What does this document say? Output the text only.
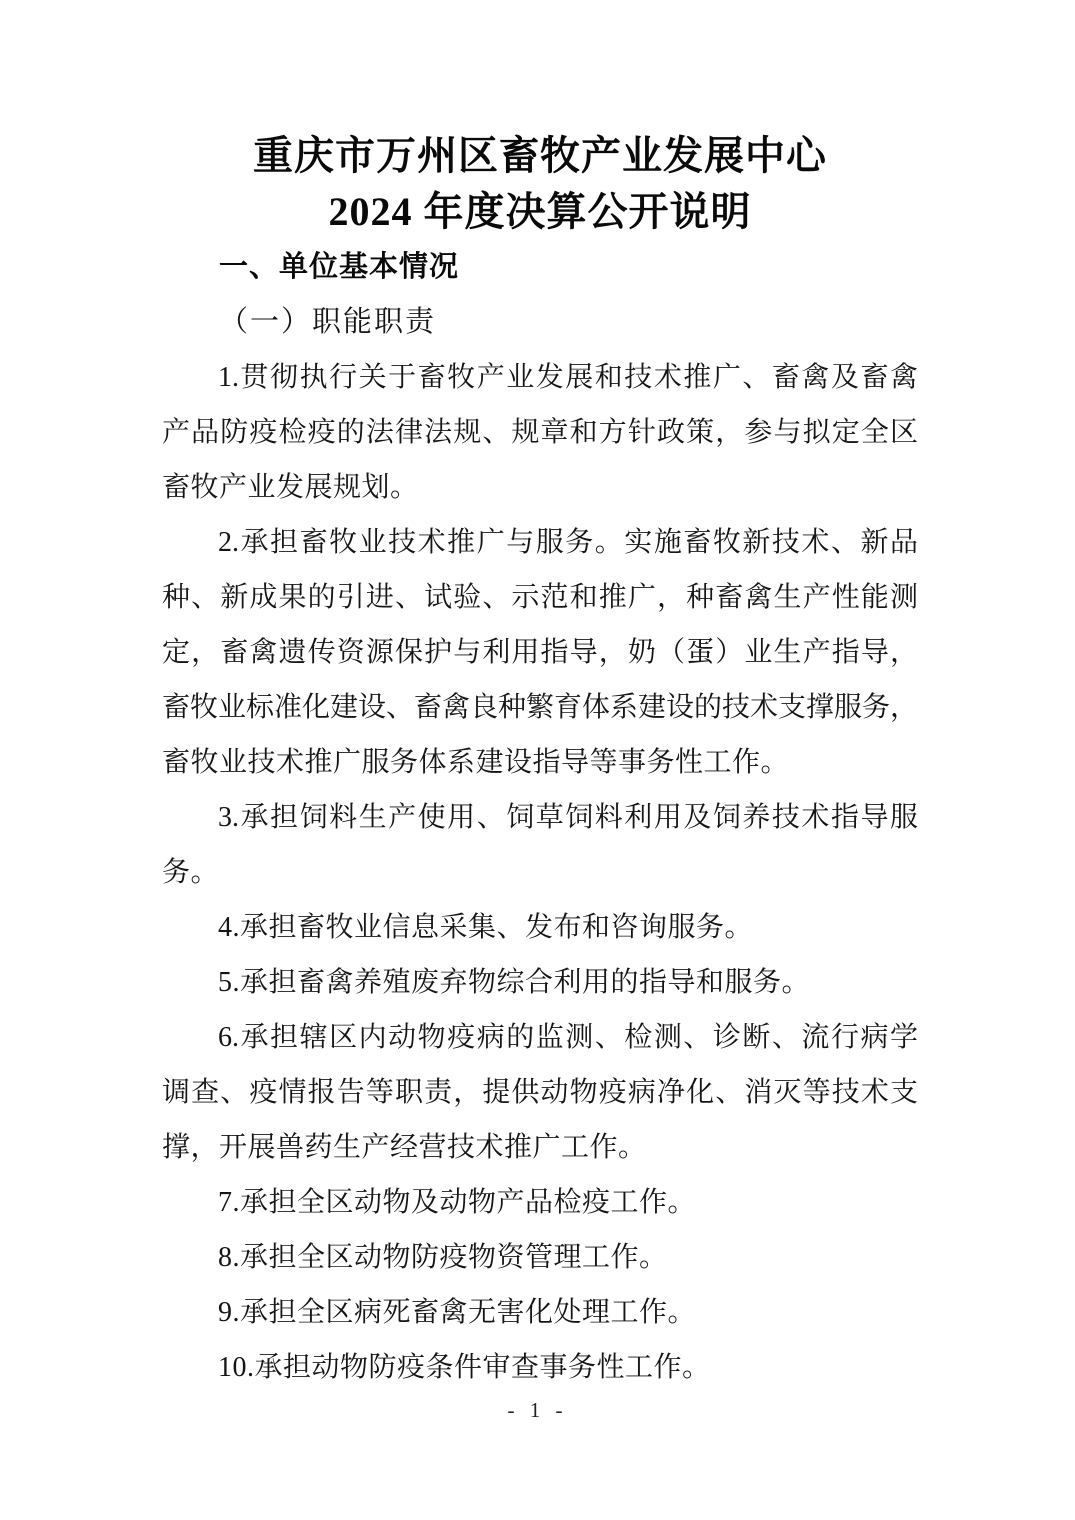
重庆市万州区畜牧产业发展中心
2024 年度决算公开说明
一、单位基本情况
（一）职能职责
1.贯彻执行关于畜牧产业发展和技术推广、畜禽及畜禽
产品防疫检疫的法律法规、规章和方针政策，参与拟定全区
畜牧产业发展规划。
2.承担畜牧业技术推广与服务。实施畜牧新技术、新品
种、新成果的引进、试验、示范和推广，种畜禽生产性能测
定，畜禽遗传资源保护与利用指导，奶（蛋）业生产指导，
畜牧业标准化建设、畜禽良种繁育体系建设的技术支撑服务，
畜牧业技术推广服务体系建设指导等事务性工作。
3.承担饲料生产使用、饲草饲料利用及饲养技术指导服
务。
4.承担畜牧业信息采集、发布和咨询服务。
5.承担畜禽养殖废弃物综合利用的指导和服务。
6.承担辖区内动物疫病的监测、检测、诊断、流行病学
调查、疫情报告等职责，提供动物疫病净化、消灭等技术支
撑，开展兽药生产经营技术推广工作。
7.承担全区动物及动物产品检疫工作。
8.承担全区动物防疫物资管理工作。
9.承担全区病死畜禽无害化处理工作。
10.承担动物防疫条件审查事务性工作。
- 1 -
